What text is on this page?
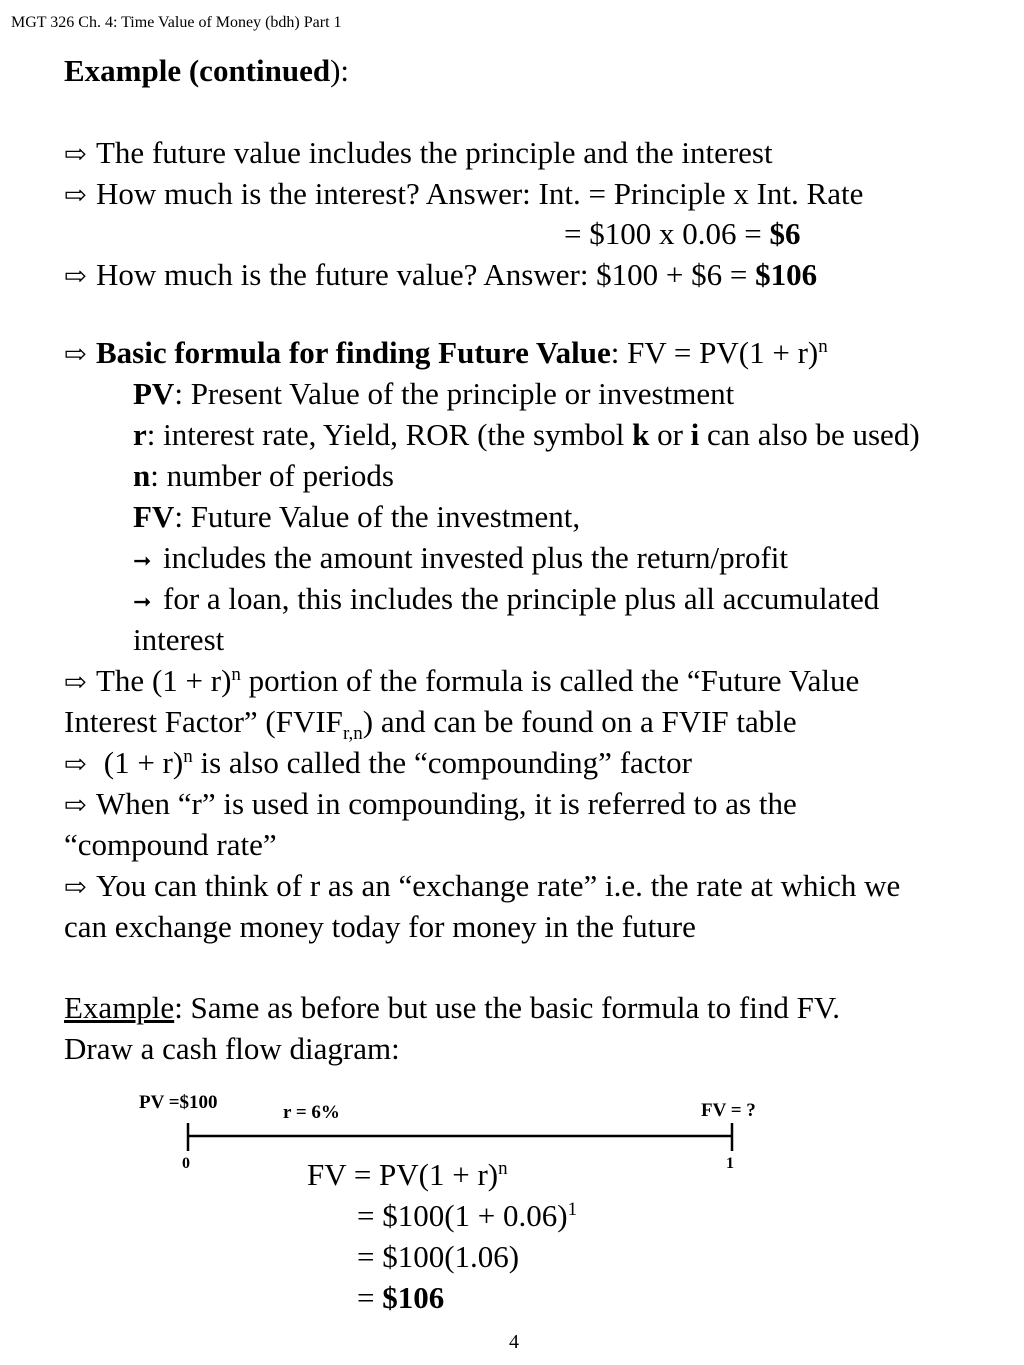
MGT 326 Ch. 4: Time Value of Money (bdh) Part 1
Example (continued):
⇨ The future value includes the principle and the interest
⇨ How much is the interest? Answer: Int. = Principle x Int. Rate
= $100 x 0.06 = $6
⇨ How much is the future value? Answer: $100 + $6 = $106
⇨ Basic formula for finding Future Value: FV = $PV(1 + r)^n$
PV: Present Value of the principle or investment
r: interest rate, Yield, ROR (the symbol k or i can also be used)
n: number of periods
FV: Future Value of the investment,
➞ includes the amount invested plus the return/profit
➞ for a loan, this includes the principle plus all accumulated
interest
⇨ The $(1 + r)^n$ portion of the formula is called the “Future Value
Interest Factor” $(FVIF_{r,n})$ and can be found on a FVIF table
⇨ $(1 + r)^n$ is also called the “compounding” factor
⇨ When “r” is used in compounding, it is referred to as the
“compound rate”
⇨ You can think of r as an “exchange rate” i.e. the rate at which we
can exchange money today for money in the future
Example: Same as before but use the basic formula to find FV.
Draw a cash flow diagram:
PV =$100	r = 6%	FV = ?
0	1
FV = $PV(1 + r)^n$
= $100(1 + 0.06)$^1$
= $100(1.06)
= $106
4
